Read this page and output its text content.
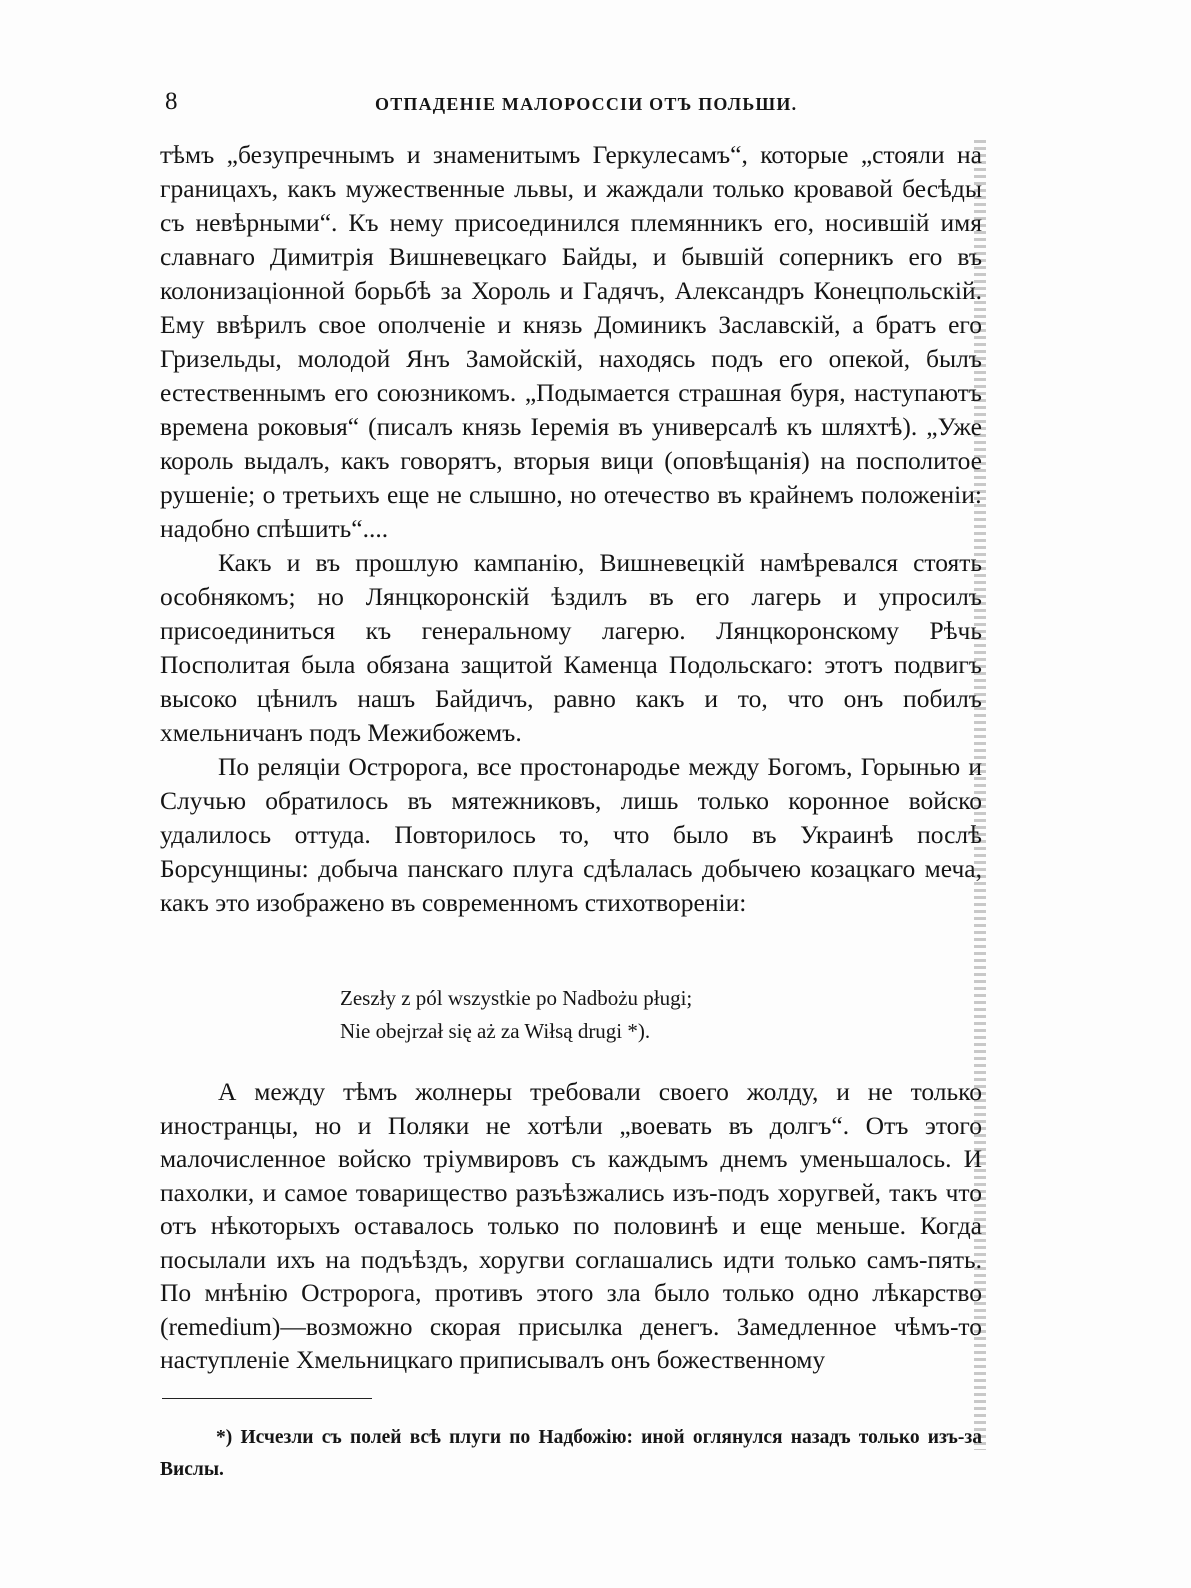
8	ОТПАДЕНІЕ МАЛОРОССІИ ОТЪ ПОЛЬШИ.

тѣмъ „безупречнымъ и знаменитымъ Геркулесамъ“, которые „стояли на границахъ, какъ мужественные львы, и жаждали только кровавой бесѣды съ невѣрными“. Къ нему присоединился племянникъ его, носившій имя славнаго Димитрія Вишневецкаго Байды, и бывшій соперникъ его въ колонизаціонной борьбѣ за Хороль и Гадячъ, Александръ Конецпольскій. Ему ввѣрилъ свое ополченіе и князь Доминикъ Заславскій, а братъ его Гризельды, молодой Янъ Замойскій, находясь подъ его опекой, былъ естественнымъ его союзникомъ. „Подымается страшная буря, наступаютъ времена роковыя“ (писалъ князь Іеремія въ универсалѣ къ шляхтѣ). „Уже король выдалъ, какъ говорятъ, вторыя вици (оповѣщанія) на посполитое рушеніе; о третьихъ еще не слышно, но отечество въ крайнемъ положеніи: надобно спѣшить“....

Какъ и въ прошлую кампанію, Вишневецкій намѣревался стоять особнякомъ; но Лянцкоронскій ѣздилъ въ его лагерь и упросилъ присоединиться къ генеральному лагерю. Лянцкоронскому Рѣчь Посполитая была обязана защитой Каменца Подольскаго: этотъ подвигъ высоко цѣнилъ нашъ Байдичъ, равно какъ и то, что онъ побилъ хмельничанъ подъ Межибожемъ.

По реляціи Остророга, все простонародье между Богомъ, Горынью и Случью обратилось въ мятежниковъ, лишь только коронное войско удалилось оттуда. Повторилось то, что было въ Украинѣ послѣ Борсунщины: добыча панскаго плуга сдѣлалась добычею козацкаго меча, какъ это изображено въ современномъ стихотвореніи:

Zeszły z pól wszystkie po Nadbożu pługi;
Nie obejrzał się aż za Wiłsą drugi *).

А между тѣмъ жолнеры требовали своего жолду, и не только иностранцы, но и Поляки не хотѣли „воевать въ долгъ“. Отъ этого малочисленное войско тріумвировъ съ каждымъ днемъ уменьшалось. И пахолки, и самое товарищество разъѣзжались изъ-подъ хоругвей, такъ что отъ нѣкоторыхъ оставалось только по половинѣ и еще меньше. Когда посылали ихъ на подъѣздъ, хоругви соглашались идти только самъ-пять. По мнѣнію Остророга, противъ этого зла было только одно лѣкарство (remedium)—возможно скорая присылка денегъ. Замедленное чѣмъ-то наступленіе Хмельницкаго приписывалъ онъ божественному

*) Исчезли съ полей всѣ плуги по Надбожію: иной оглянулся назадъ только изъ-за Вислы.
